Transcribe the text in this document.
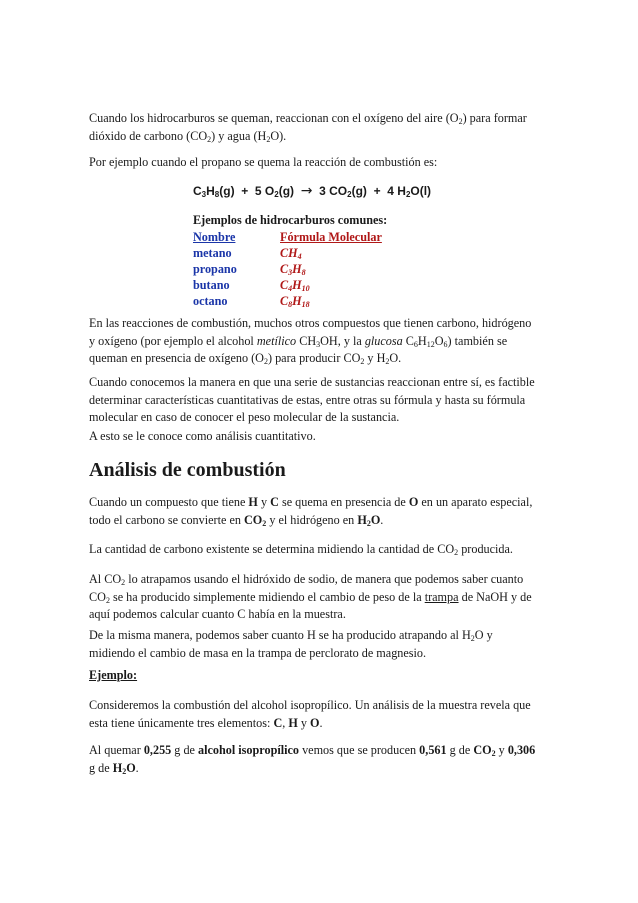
Cuando los hidrocarburos se queman, reaccionan con el oxígeno del aire $(O_2)$ para formar
dióxido de carbono $(CO_2)$ y agua $(H_2O)$.

Por ejemplo cuando el propano se quema la reacción de combustión es:

$C_3H_8(g) + 5$ $O_2(g) \to 3$ $CO_2(g) + 4$ $H_2O(l)$
Ejemplos de hidrocarburos comunes:
Nombre	Fórmula Molecular
metano	$CH_4$
propano	$C_3H_8$
butano	$C_4H_{10}$
octano	$C_8H_{18}$

En las reacciones de combustión, muchos otros compuestos que tienen carbono, hidrógeno
y oxígeno (por ejemplo el alcohol metílico $CH_3OH$, y la glucosa $C_6H_{12}O_6$) también se
queman en presencia de oxígeno $(O_2)$ para producir $CO_2$ y $H_2O$.

Cuando conocemos la manera en que una serie de sustancias reaccionan entre sí, es factible
determinar características cuantitativas de estas, entre otras su fórmula y hasta su fórmula
molecular en caso de conocer el peso molecular de la sustancia.

A esto se le conoce como análisis cuantitativo.

Análisis de combustión

Cuando un compuesto que tiene H y C se quema en presencia de O en un aparato especial,
todo el carbono se convierte en $CO_2$ y el hidrógeno en $H_2O$.

La cantidad de carbono existente se determina midiendo la cantidad de $CO_2$ producida.

Al $CO_2$ lo atrapamos usando el hidróxido de sodio, de manera que podemos saber cuanto
$CO_2$ se ha producido simplemente midiendo el cambio de peso de la trampa de NaOH y de
aquí podemos calcular cuanto C había en la muestra.

De la misma manera, podemos saber cuanto H se ha producido atrapando al $H_2O$ y
midiendo el cambio de masa en la trampa de perclorato de magnesio.

Ejemplo:

Consideremos la combustión del alcohol isopropílico. Un análisis de la muestra revela que
esta tiene únicamente tres elementos: C, H y O.

Al quemar 0,255 g de alcohol isopropílico vemos que se producen 0,561 g de $CO_2$ y 0,306
g de $H_2O$.
